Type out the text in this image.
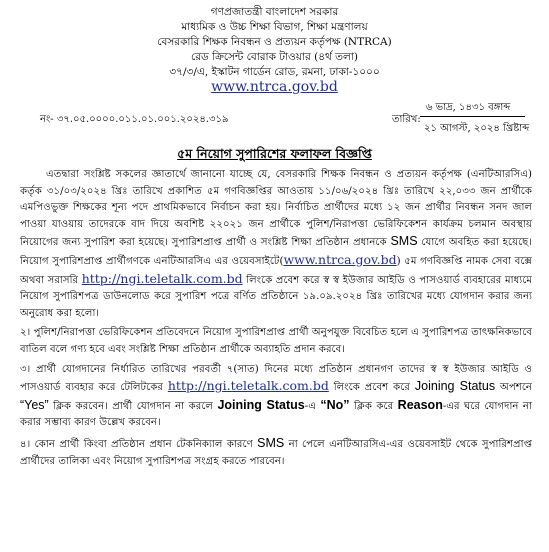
গণপ্রজাতন্ত্রী বাংলাদেশ সরকার
মাধ্যমিক ও উচ্চ শিক্ষা বিভাগ, শিক্ষা মন্ত্রণালয়
বেসরকারি শিক্ষক নিবন্ধন ও প্রত্যয়ন কর্তৃপক্ষ (NTRCA)
রেড ক্রিসেন্ট বোরাক টাওয়ার (৪র্থ তলা)
৩৭/৩/এ, ইস্কাটন গার্ডেন রোড, রমনা, ঢাকা-১০০০
www.ntrca.gov.bd
নং- ৩৭.০৫.০০০০.০১১.০১.০০১.২০২৪.৩১৯	তারিখ:
৬ ভাদ্র, ১৪৩১ বঙ্গাব্দ
২১ আগস্ট, ২০২৪ খ্রিষ্টাব্দ
৫ম নিয়োগ সুপারিশের ফলাফল বিজ্ঞপ্তি

এতদ্বারা সংশ্লিষ্ট সকলের জ্ঞাতার্থে জানানো যাচ্ছে যে, বেসরকারি শিক্ষক নিবন্ধন ও প্রত্যয়ন কর্তৃপক্ষ (এনটিআরসিএ) কর্তৃক ৩১/০৩/২০২৪ খ্রিঃ তারিখে প্রকাশিত ৫ম গণবিজ্ঞপ্তির আওতায় ১১/০৬/২০২৪ খ্রিঃ তারিখে ২২,০৩৩ জন প্রার্থীকে এমপিওভুক্ত শিক্ষকের শূন্য পদে প্রাথমিকভাবে নির্বাচন করা হয়। নির্বাচিত প্রার্থীদের মধ্যে ১২ জন প্রার্থীর নিবন্ধন সনদ জাল পাওয়া যাওয়ায় তাদেরকে বাদ দিয়ে অবশিষ্ট ২২০২১ জন প্রার্থীকে পুলিশ/নিরাপত্তা ভেরিফিকেশন কার্যক্রম চলমান অবস্থায় নিয়োগের জন্য সুপারিশ করা হয়েছে। সুপারিশপ্রাপ্ত প্রার্থী ও সংশ্লিষ্ট শিক্ষা প্রতিষ্ঠান প্রধানকে SMS যোগে অবহিত করা হয়েছে। নিয়োগ সুপারিশপ্রাপ্ত প্রার্থীগণকে এনটিআরসিএ এর ওয়েবসাইটে(www.ntrca.gov.bd) ৫ম গণবিজ্ঞপ্তি নামক সেবা বক্সে অথবা সরাসরি http://ngi.teletalk.com.bd লিংকে প্রবেশ করে স্ব স্ব ইউজার আইডি ও পাসওয়ার্ড ব্যবহারের মাধ্যমে নিয়োগ সুপারিশপত্র ডাউনলোড করে সুপারিশ পত্রে বর্ণিত প্রতিষ্ঠানে ১৯.০৯.২০২৪ খ্রিঃ তারিখের মধ্যে যোগদান করার জন্য অনুরোধ করা হলো।

২। পুলিশ/নিরাপত্তা ভেরিফিকেশন প্রতিবেদনে নিয়োগ সুপারিশপ্রাপ্ত প্রার্থী অনুপযুক্ত বিবেচিত হলে এ সুপারিশপত্র তাৎক্ষনিকভাবে বাতিল বলে গণ্য হবে এবং সংশ্লিষ্ট শিক্ষা প্রতিষ্ঠান প্রার্থীকে অব্যাহতি প্রদান করবে।

৩। প্রার্থী যোগদানের নির্ধারিত তারিখের পরবর্তী ৭(সাত) দিনের মধ্যে প্রতিষ্ঠান প্রধানগণ তাদের স্ব স্ব ইউজার আইডি ও পাসওয়ার্ড ব্যবহার করে টেলিটকের http://ngi.teletalk.com.bd লিংকে প্রবেশ করে Joining Status অপশনে “Yes” ক্লিক করবেন। প্রার্থী যোগদান না করলে Joining Status-এ “No” ক্লিক করে Reason-এর ঘরে যোগদান না করার সম্ভাব্য কারণ উল্লেখ করবেন।

৪। কোন প্রার্থী কিংবা প্রতিষ্ঠান প্রধান টেকনিক্যাল কারণে SMS না পেলে এনটিআরসিএ-এর ওয়েবসাইট থেকে সুপারিশপ্রাপ্ত প্রার্থীদের তালিকা এবং নিয়োগ সুপারিশপত্র সংগ্রহ করতে পারবেন।
